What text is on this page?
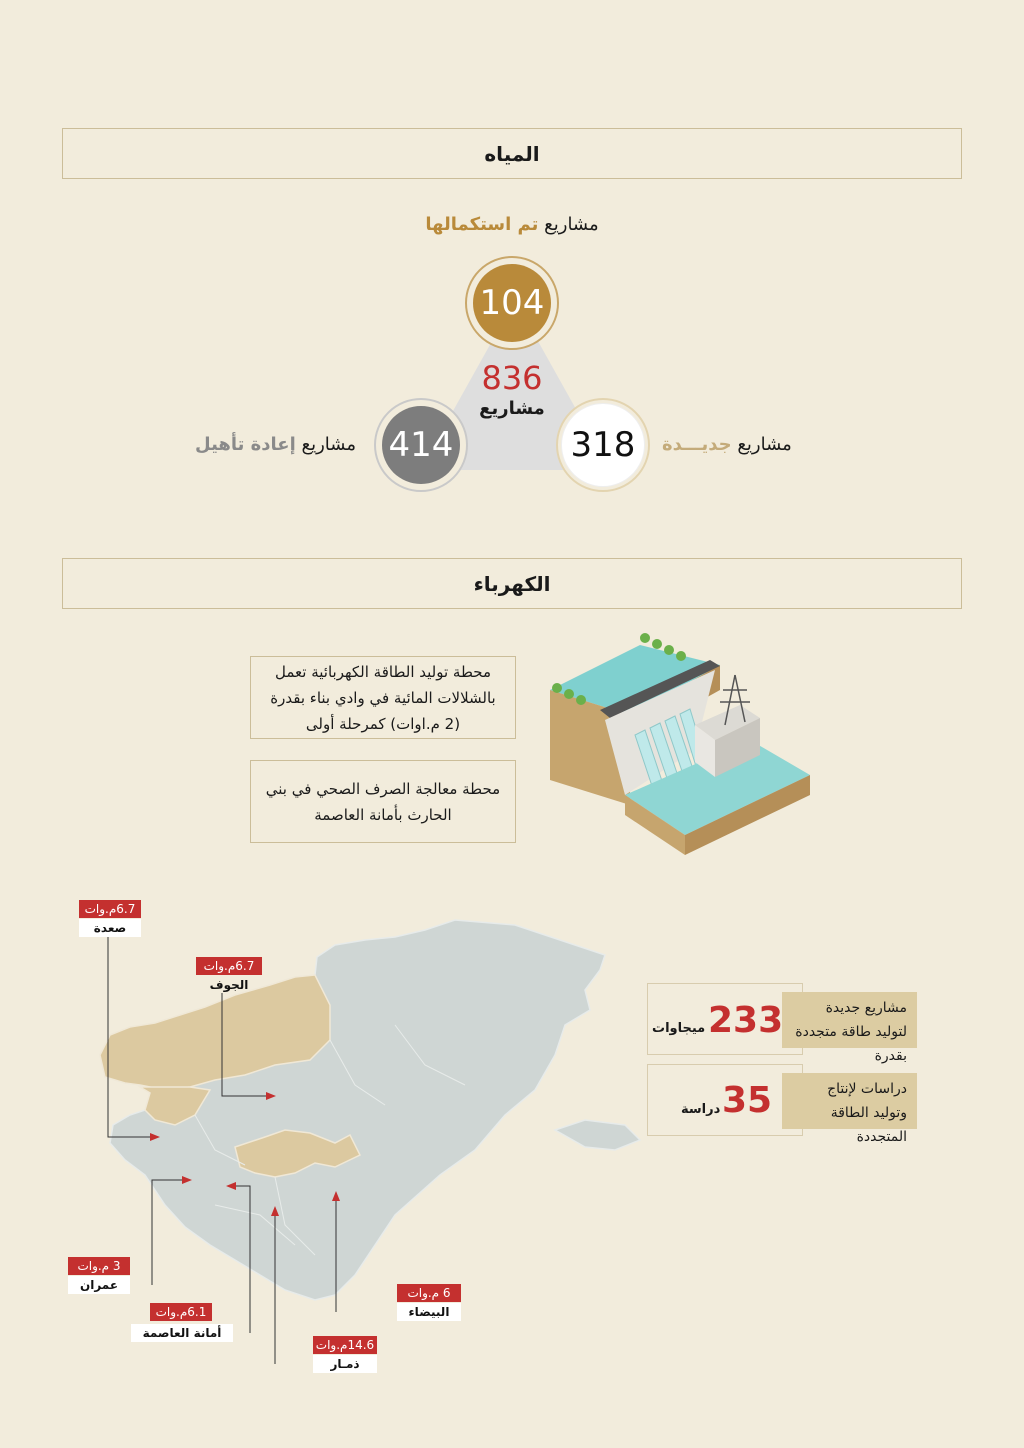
المياه
مشاريع تم استكمالها
104
836
مشاريع
414
مشاريع إعادة تأهيل	318	مشاريع جديـــدة
الكهرباء
محطة توليد الطاقة الكهربائية تعمل بالشلالات المائية في وادي بناء بقدرة (2 م.اوات) كمرحلة أولى
محطة معالجة الصرف الصحي في بني الحارث بأمانة العاصمة
6.7م.وات
صعدة
6.7م.وات
الجوف
3 م.وات
عمران
6.1م.وات
أمانة العاصمة
14.6م.وات
ذمـار
6 م.وات
البيضاء
مشاريع جديدة لتوليد طاقة متجددة بقدرة
233
ميجاوات
دراسات لإنتاج وتوليد الطاقة المتجددة
35
دراسة
